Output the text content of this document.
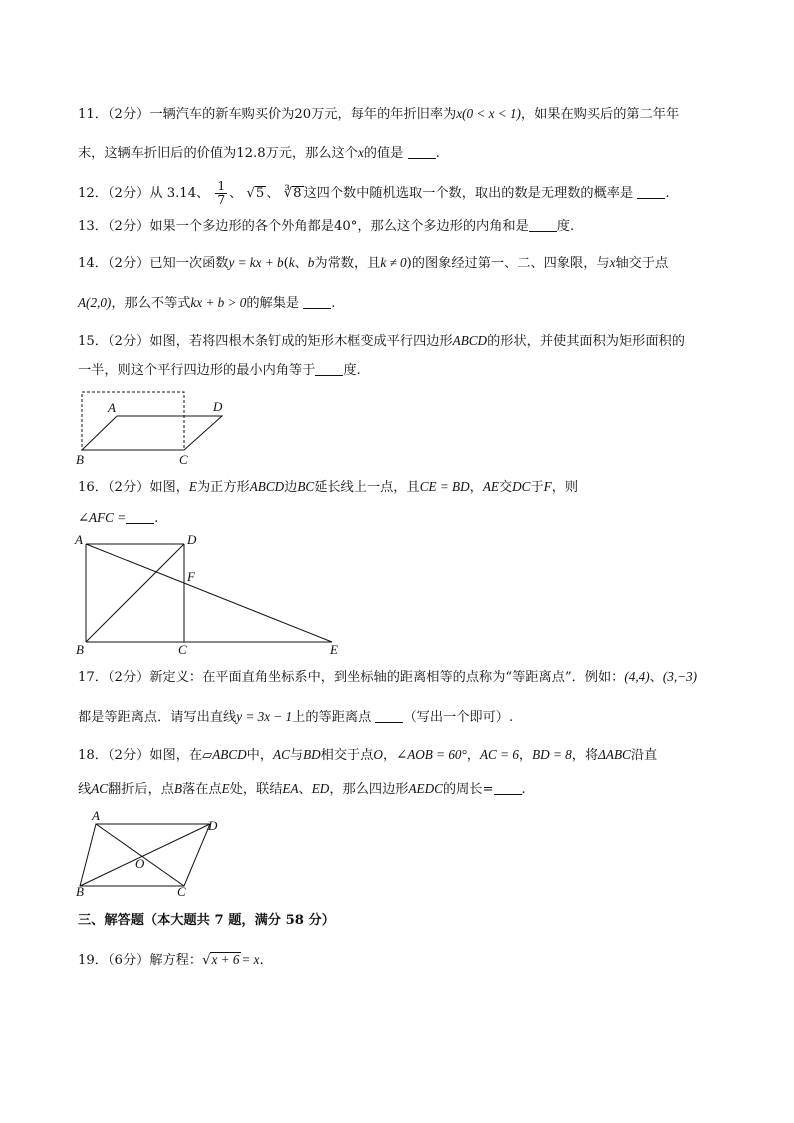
11．（2分）一辆汽车的新车购买价为20万元，每年的年折旧率为x(0 < x < 1)，如果在购买后的第二年年
末，这辆车折旧后的价值为12.8万元，那么这个x的值是 .
12．（2分）从 3.14、 $\frac{1}{7}$ 、 √5 、 ∛8 这四个数中随机选取一个数，取出的数是无理数的概率是 .
13．（2分）如果一个多边形的各个外角都是40°，那么这个多边形的内角和是 度.
14．（2分）已知一次函数y = kx + b(k、b为常数，且k ≠ 0)的图象经过第一、二、四象限，与x轴交于点
A(2,0)，那么不等式kx + b > 0的解集是 .
15．（2分）如图，若将四根木条钉成的矩形木框变成平行四边形ABCD的形状，并使其面积为矩形面积的
一半，则这个平行四边形的最小内角等于 度.
A	D
B	C
16．（2分）如图，E为正方形ABCD边BC延长线上一点，且CE = BD，AE交DC于F，则
∠AFC = .
A	D
F
B	C	E
17．（2分）新定义：在平面直角坐标系中，到坐标轴的距离相等的点称为“等距离点”．例如：(4,4)、(3,−3)
都是等距离点．请写出直线y = 3x − 1上的等距离点 （写出一个即可）.
18．（2分）如图，在▱ABCD中，AC与BD相交于点O，∠AOB = 60°，AC = 6，BD = 8，将ΔABC沿直
线AC翻折后，点B落在点E处，联结EA、ED，那么四边形AEDC的周长= .
A
D
O
B	C
三、解答题（本大题共 7 题，满分 58 分）
19．（6分）解方程：√x + 6 = x.
